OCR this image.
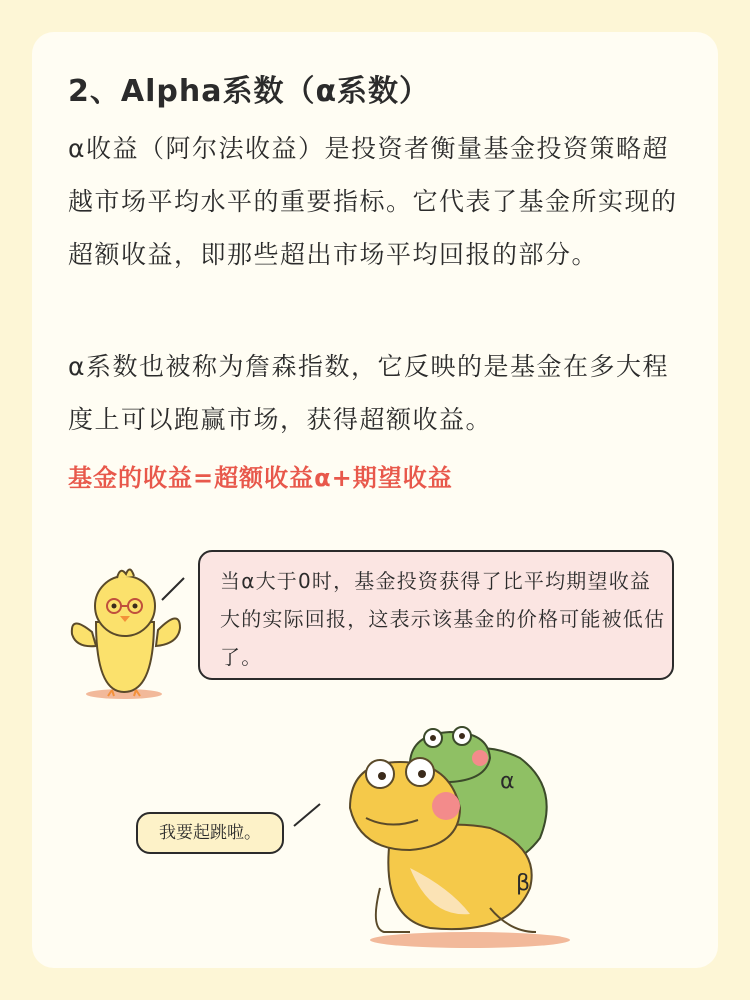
2、Alpha系数（α系数）
α收益（阿尔法收益）是投资者衡量基金投资策略超越市场平均水平的重要指标。它代表了基金所实现的超额收益，即那些超出市场平均回报的部分。
α系数也被称为詹森指数，它反映的是基金在多大程度上可以跑赢市场，获得超额收益。
基金的收益=超额收益α+期望收益
当α大于0时，基金投资获得了比平均期望收益大的实际回报，这表示该基金的价格可能被低估了。
α
β
我要起跳啦。
